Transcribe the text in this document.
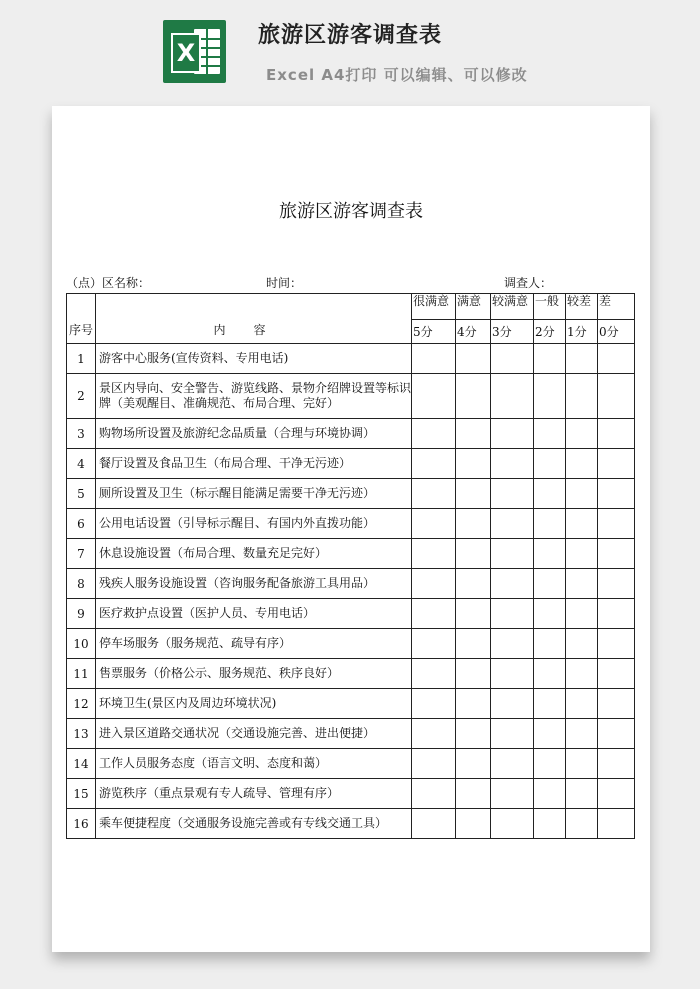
X
旅游区游客调查表
Excel A4打印 可以编辑、可以修改
旅游区游客调查表
（点）区名称：	时间：	调查人：
序号	内容	很满意	满意	较满意	一般	较差	差
		5分	4分	3分	2分	1分	0分
1	游客中心服务(宣传资料、专用电话)						
2	景区内导向、安全警告、游览线路、景物介绍牌设置等标识牌（美观醒目、准确规范、布局合理、完好）						
3	购物场所设置及旅游纪念品质量（合理与环境协调）						
4	餐厅设置及食品卫生（布局合理、干净无污迹）						
5	厕所设置及卫生（标示醒目能满足需要干净无污迹）						
6	公用电话设置（引导标示醒目、有国内外直拨功能）						
7	休息设施设置（布局合理、数量充足完好）						
8	残疾人服务设施设置（咨询服务配备旅游工具用品）						
9	医疗救护点设置（医护人员、专用电话）						
10	停车场服务（服务规范、疏导有序）						
11	售票服务（价格公示、服务规范、秩序良好）						
12	环境卫生(景区内及周边环境状况)						
13	进入景区道路交通状况（交通设施完善、进出便捷）						
14	工作人员服务态度（语言文明、态度和蔼）						
15	游览秩序（重点景观有专人疏导、管理有序）						
16	乘车便捷程度（交通服务设施完善或有专线交通工具）						
